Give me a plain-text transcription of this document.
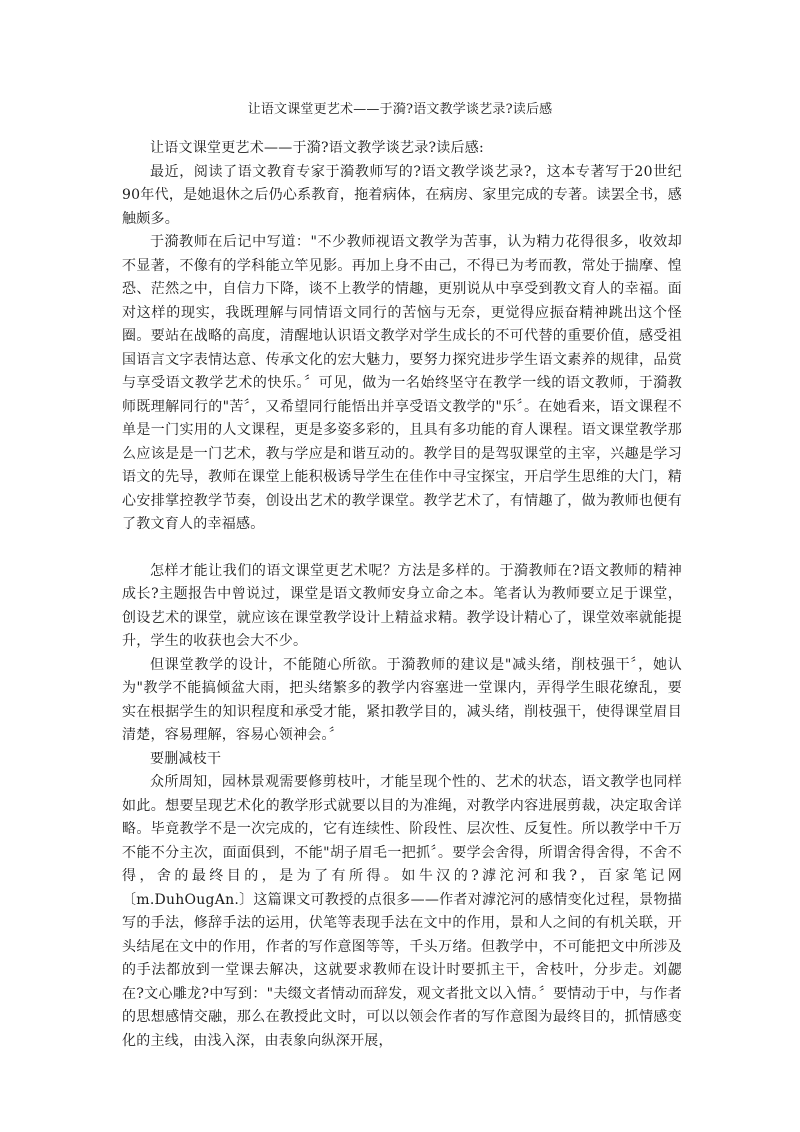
让语文课堂更艺术——于漪?语文教学谈艺录?读后感

让语文课堂更艺术——于漪?语文教学谈艺录?读后感:

最近，阅读了语文教育专家于漪教师写的?语文教学谈艺录?，这本专著写于20世纪90年代，是她退休之后仍心系教育，拖着病体，在病房、家里完成的专著。读罢全书，感触颇多。

于漪教师在后记中写道："不少教师视语文教学为苦事，认为精力花得很多，收效却不显著，不像有的学科能立竿见影。再加上身不由己，不得已为考而教，常处于揣摩、惶恐、茫然之中，自信力下降，谈不上教学的情趣，更别说从中享受到教文育人的幸福。面对这样的现实，我既理解与同情语文同行的苦恼与无奈，更觉得应振奋精神跳出这个怪圈。要站在战略的高度，清醒地认识语文教学对学生成长的不可代替的重要价值，感受祖国语言文字表情达意、传承文化的宏大魅力，要努力探究进步学生语文素养的规律，品赏与享受语文教学艺术的快乐。〞可见，做为一名始终坚守在教学一线的语文教师，于漪教师既理解同行的"苦〞，又希望同行能悟出并享受语文教学的"乐〞。在她看来，语文课程不单是一门实用的人文课程，更是多姿多彩的，且具有多功能的育人课程。语文课堂教学那么应该是是一门艺术，教与学应是和谐互动的。教学目的是驾驭课堂的主宰，兴趣是学习语文的先导，教师在课堂上能积极诱导学生在佳作中寻宝探宝，开启学生思维的大门，精心安排掌控教学节奏，创设出艺术的教学课堂。教学艺术了，有情趣了，做为教师也便有了教文育人的幸福感。

怎样才能让我们的语文课堂更艺术呢？方法是多样的。于漪教师在?语文教师的精神成长?主题报告中曾说过，课堂是语文教师安身立命之本。笔者认为教师要立足于课堂，创设艺术的课堂，就应该在课堂教学设计上精益求精。教学设计精心了，课堂效率就能提升，学生的收获也会大不少。

但课堂教学的设计，不能随心所欲。于漪教师的建议是"减头绪，削枝强干〞，她认为"教学不能搞倾盆大雨，把头绪繁多的教学内容塞进一堂课内，弄得学生眼花缭乱，要实在根据学生的知识程度和承受才能，紧扣教学目的，减头绪，削枝强干，使得课堂眉目清楚，容易理解，容易心领神会。〞

要删减枝干

众所周知，园林景观需要修剪枝叶，才能呈现个性的、艺术的状态，语文教学也同样如此。想要呈现艺术化的教学形式就要以目的为准绳，对教学内容进展剪裁，决定取舍详略。毕竟教学不是一次完成的，它有连续性、阶段性、层次性、反复性。所以教学中千万不能不分主次，面面俱到，不能"胡子眉毛一把抓〞。要学会舍得，所谓舍得舍得，不舍不得，舍的最终目的，是为了有所得。如牛汉的?滹沱河和我?，百家笔记网〔m.DuhOugAn.〕这篇课文可教授的点很多——作者对滹沱河的感情变化过程，景物描写的手法，修辞手法的运用，伏笔等表现手法在文中的作用，景和人之间的有机关联，开头结尾在文中的作用，作者的写作意图等等，千头万绪。但教学中，不可能把文中所涉及的手法都放到一堂课去解决，这就要求教师在设计时要抓主干，舍枝叶，分步走。刘勰在?文心雕龙?中写到："夫缀文者情动而辞发，观文者批文以入情。〞要情动于中，与作者的思想感情交融，那么在教授此文时，可以以领会作者的写作意图为最终目的，抓情感变化的主线，由浅入深，由表象向纵深开展，
